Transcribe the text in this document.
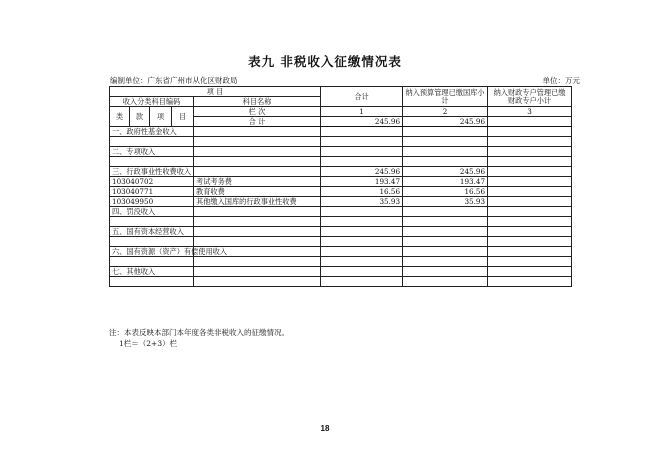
表九 非税收入征缴情况表
编制单位：广东省广州市从化区财政局	单位：万元
项 目					合计	纳入预算管理已缴国库小计	纳入财政专户管理已缴财政专户小计
收入分类科目编码				科目名称			
类	款	项	目	栏 次	1	2	3
				合 计	245.96	245.96	
一、政府性基金收入							

二、专项收入							

三、行政事业性收费收入					245.96	245.96	
103040702				考试考务费	193.47	193.47	
103040771				教育收费	16.56	16.56	
103049950				其他缴入国库的行政事业性收费	35.93	35.93	
四、罚没收入							

五、国有资本经营收入							

六、国有资源（资产）有偿使用收入							

七、其他收入							

注：本表反映本部门本年度各类非税收入的征缴情况。
1栏＝（2+3）栏
18
